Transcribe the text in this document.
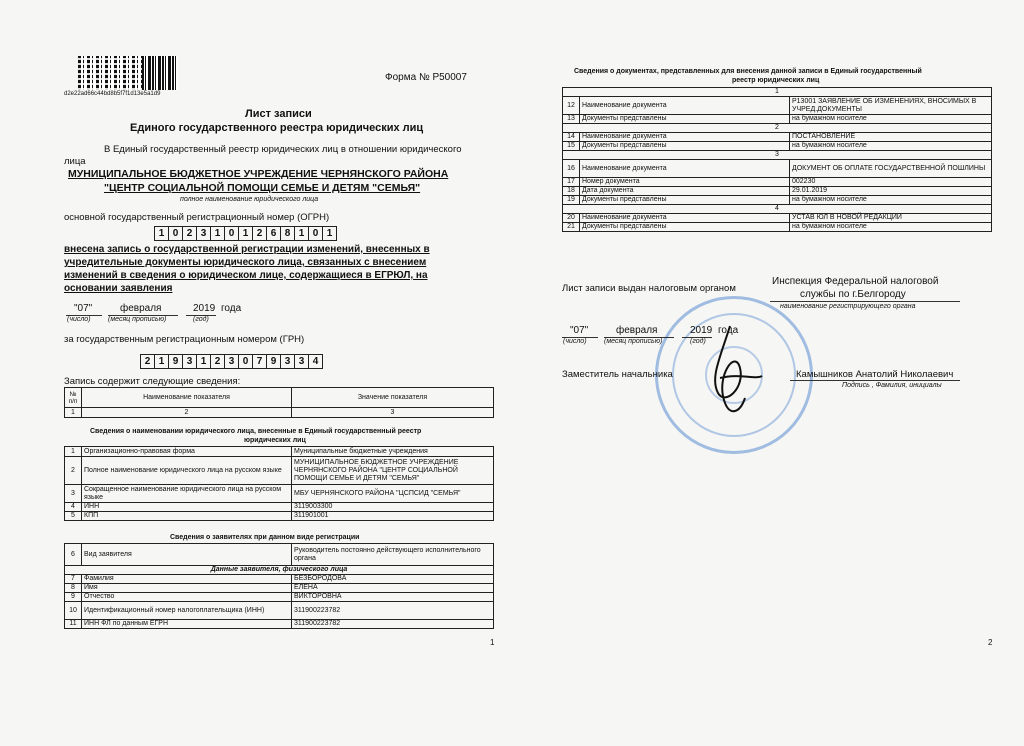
d2e22ad66c44bd8b5f7f1d13e5a1d9
Форма № Р50007
Лист записи
Единого государственного реестра юридических лиц
В Единый государственный реестр юридических лиц в отношении юридического
лица
МУНИЦИПАЛЬНОЕ БЮДЖЕТНОЕ УЧРЕЖДЕНИЕ ЧЕРНЯНСКОГО РАЙОНА
"ЦЕНТР СОЦИАЛЬНОЙ ПОМОЩИ СЕМЬЕ И ДЕТЯМ "СЕМЬЯ"
полное наименование юридического лица
основной государственный регистрационный номер (ОГРН)
1 0 2 3 1 0 1 2 6 8 1 0 1
внесена запись о государственной регистрации изменений, внесенных в
учредительные документы юридического лица, связанных с внесением
изменений в сведения о юридическом лице, содержащиеся в ЕГРЮЛ, на
основании заявления
"07"	февраля	2019 года
(число) (месяц прописью)	(год)
за государственным регистрационным номером (ГРН)
2 1 9 3 1 2 3 0 7 9 3 3 4
Запись содержит следующие сведения:
№ п/п	Наименование показателя	Значение показателя
1	2	3
Сведения о наименовании юридического лица, внесенные в Единый государственный реестр
юридических лиц
1	Организационно-правовая форма	Муниципальные бюджетные учреждения
2	Полное наименование юридического лица на русском языке	МУНИЦИПАЛЬНОЕ БЮДЖЕТНОЕ УЧРЕЖДЕНИЕ ЧЕРНЯНСКОГО РАЙОНА "ЦЕНТР СОЦИАЛЬНОЙ ПОМОЩИ СЕМЬЕ И ДЕТЯМ "СЕМЬЯ"
3	Сокращенное наименование юридического лица на русском языке	МБУ ЧЕРНЯНСКОГО РАЙОНА "ЦСПСИД "СЕМЬЯ"
4	ИНН	3119003300
5	КПП	311901001
Сведения о заявителях при данном виде регистрации
6	Вид заявителя	Руководитель постоянно действующего исполнительного органа
Данные заявителя, физического лица		
7	Фамилия	БЕЗБОРОДОВА
8	Имя	ЕЛЕНА
9	Отчество	ВИКТОРОВНА
10	Идентификационный номер налогоплательщика (ИНН)	311900223782
11	ИНН ФЛ по данным ЕГРН	311900223782
1
Сведения о документах, представленных для внесения данной записи в Единый государственный
реестр юридических лиц
1		
12	Наименование документа	Р13001 ЗАЯВЛЕНИЕ ОБ ИЗМЕНЕНИЯХ, ВНОСИМЫХ В УЧРЕД.ДОКУМЕНТЫ
13	Документы представлены	на бумажном носителе
2		
14	Наименование документа	ПОСТАНОВЛЕНИЕ
15	Документы представлены	на бумажном носителе
3		
16	Наименование документа	ДОКУМЕНТ ОБ ОПЛАТЕ ГОСУДАРСТВЕННОЙ ПОШЛИНЫ
17	Номер документа	002230
18	Дата документа	29.01.2019
19	Документы представлены	на бумажном носителе
4		
20	Наименование документа	УСТАВ ЮЛ В НОВОЙ РЕДАКЦИИ
21	Документы представлены	на бумажном носителе
Лист записи выдан налоговым органом
Инспекция Федеральной налоговой
службы по г.Белгороду
наименование регистрирующего органа
"07"	февраля	2019 года
(число) (месяц прописью)	(год)
Заместитель начальника	Камышников Анатолий Николаевич
Подпись , Фамилия, инициалы
2
